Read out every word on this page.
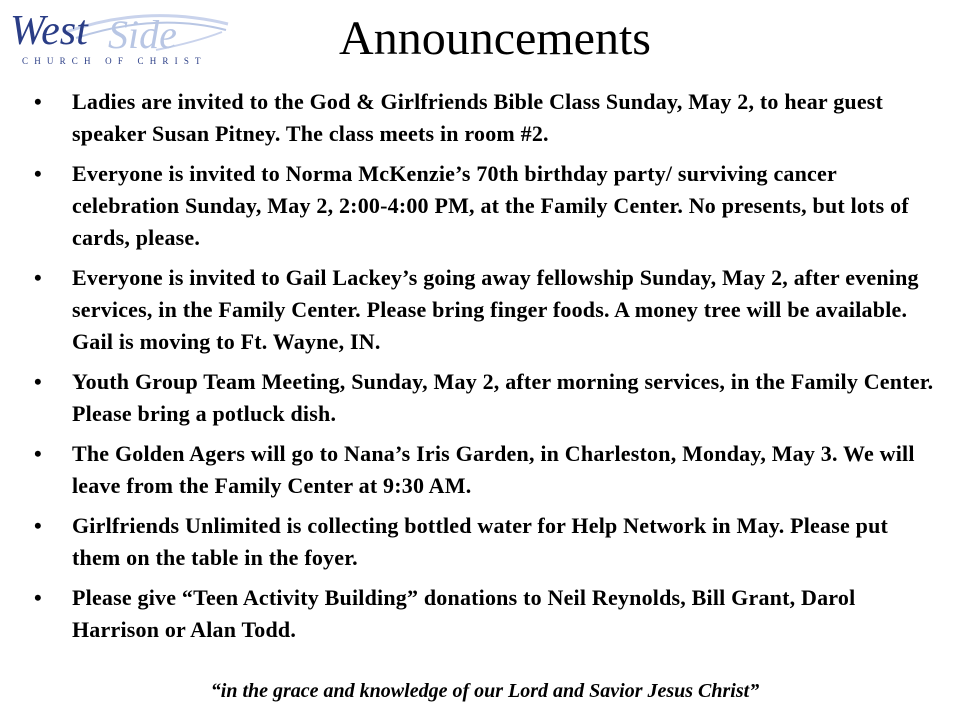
West Side
CHURCH OF CHRIST	Announcements
•	Ladies are invited to the God & Girlfriends Bible Class Sunday, May 2, to hear guest speaker Susan Pitney. The class meets in room #2.
•	Everyone is invited to Norma McKenzie’s 70th birthday party/ surviving cancer celebration Sunday, May 2, 2:00-4:00 PM, at the Family Center. No presents, but lots of cards, please.
•	Everyone is invited to Gail Lackey’s going away fellowship Sunday, May 2, after evening services, in the Family Center. Please bring finger foods. A money tree will be available. Gail is moving to Ft. Wayne, IN.
•	Youth Group Team Meeting, Sunday, May 2, after morning services, in the Family Center. Please bring a potluck dish.
•	The Golden Agers will go to Nana’s Iris Garden, in Charleston, Monday, May 3. We will leave from the Family Center at 9:30 AM.
•	Girlfriends Unlimited is collecting bottled water for Help Network in May. Please put them on the table in the foyer.
•	Please give “Teen Activity Building” donations to Neil Reynolds, Bill Grant, Darol Harrison or Alan Todd.
“in the grace and knowledge of our Lord and Savior Jesus Christ”
